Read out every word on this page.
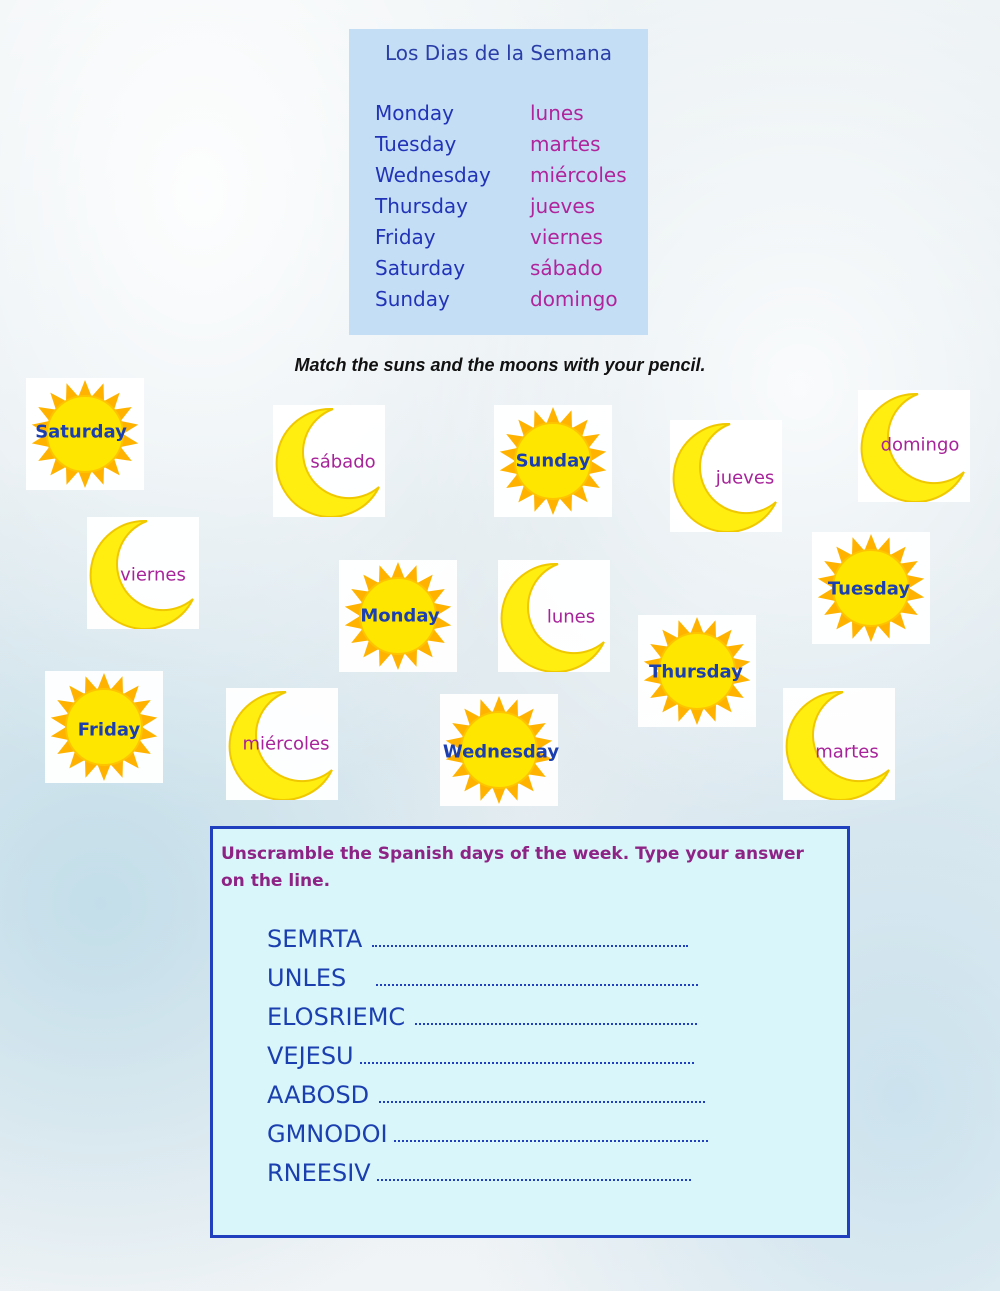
Los Dias de la Semana
Monday	lunes
Tuesday	martes
Wednesday miércoles
Thursday	jueves
Friday	viernes
Saturday	sábado
Sunday	domingo
Match the suns and the moons with your pencil.
Saturday
Sunday
Monday
Tuesday
Thursday
Friday
Wednesday
sábado
jueves
domingo
viernes
lunes
miércoles	martes
Unscramble the Spanish days of the week. Type your answer on the line.
SEMRTA
UNLES
ELOSRIEMC
VEJESU
AABOSD
GMNODOI
RNEESIV
